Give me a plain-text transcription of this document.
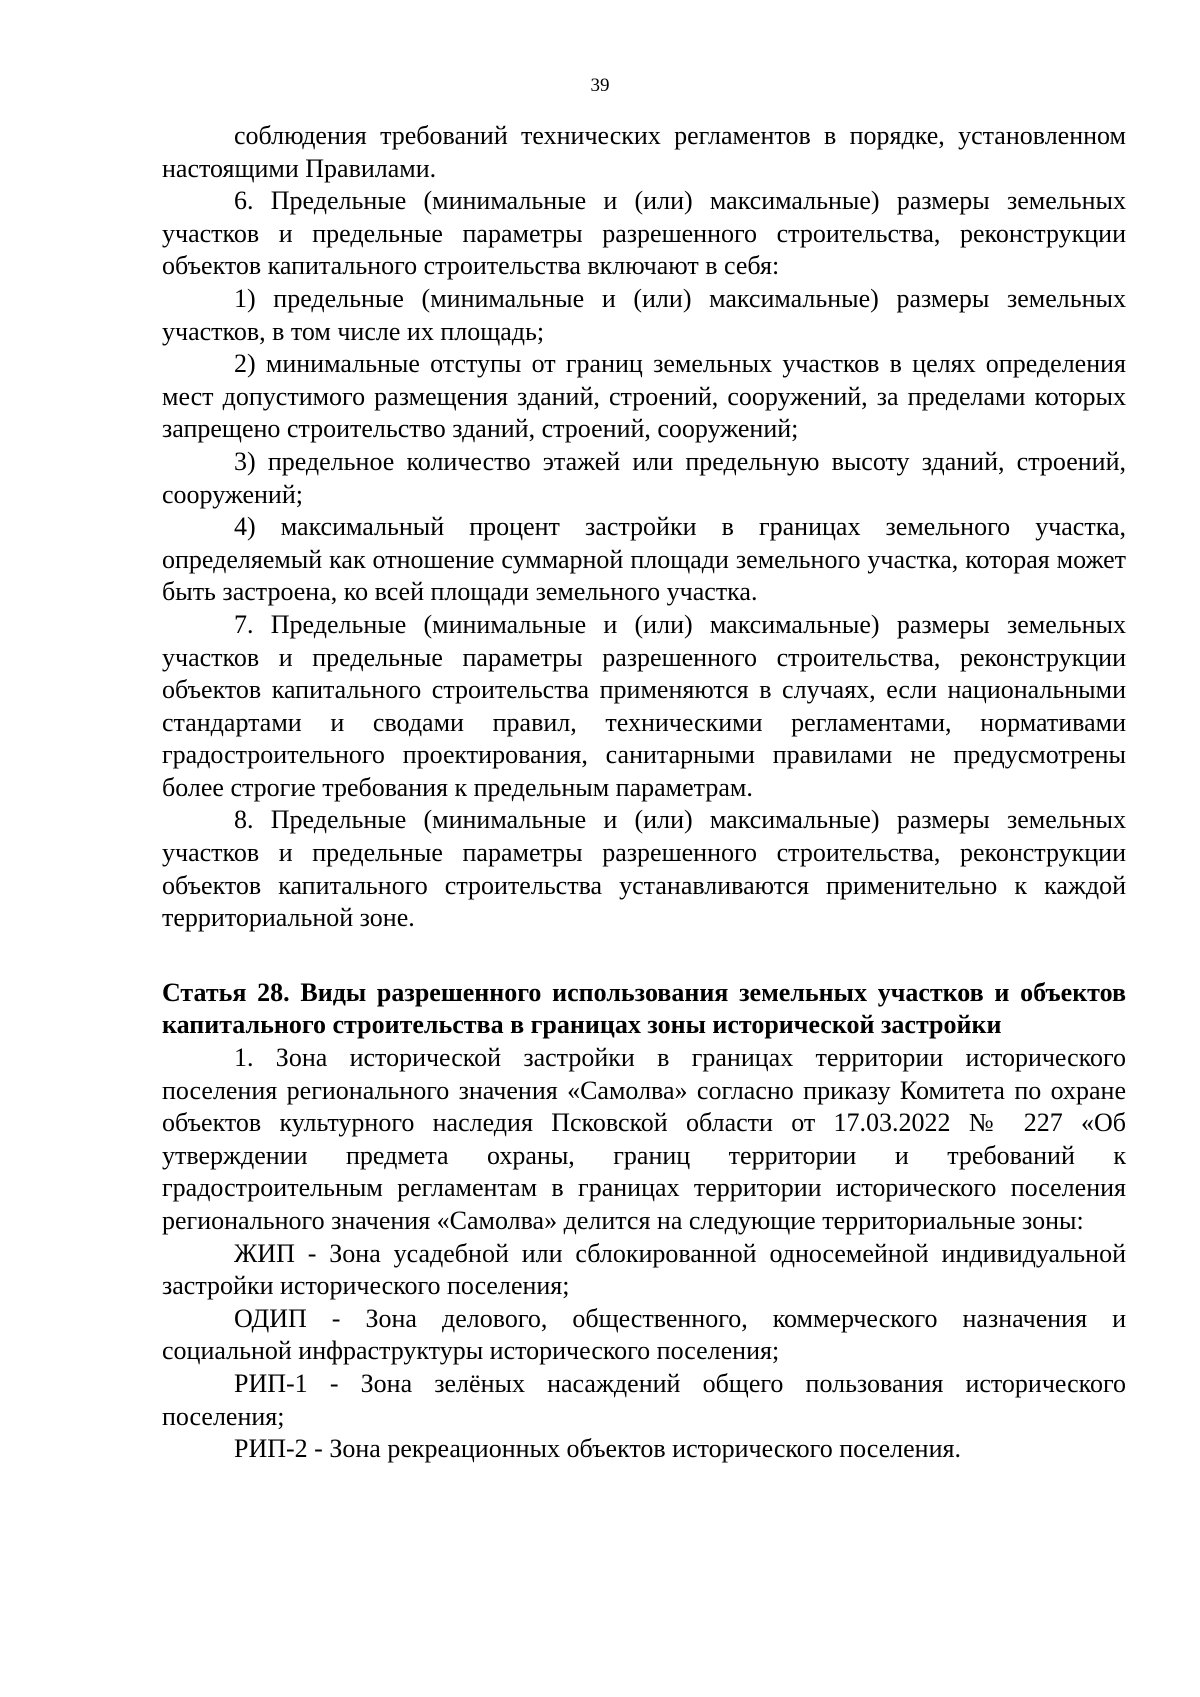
39

соблюдения требований технических регламентов в порядке, установленном настоящими Правилами.

6. Предельные (минимальные и (или) максимальные) размеры земельных участков и предельные параметры разрешенного строительства, реконструкции объектов капитального строительства включают в себя:

1) предельные (минимальные и (или) максимальные) размеры земельных участков, в том числе их площадь;

2) минимальные отступы от границ земельных участков в целях определения мест допустимого размещения зданий, строений, сооружений, за пределами которых запрещено строительство зданий, строений, сооружений;

3) предельное количество этажей или предельную высоту зданий, строений, сооружений;

4) максимальный процент застройки в границах земельного участка, определяемый как отношение суммарной площади земельного участка, которая может быть застроена, ко всей площади земельного участка.

7. Предельные (минимальные и (или) максимальные) размеры земельных участков и предельные параметры разрешенного строительства, реконструкции объектов капитального строительства применяются в случаях, если национальными стандартами и сводами правил, техническими регламентами, нормативами градостроительного проектирования, санитарными правилами не предусмотрены более строгие требования к предельным параметрам.

8. Предельные (минимальные и (или) максимальные) размеры земельных участков и предельные параметры разрешенного строительства, реконструкции объектов капитального строительства устанавливаются применительно к каждой территориальной зоне.

Статья 28. Виды разрешенного использования земельных участков и объектов капитального строительства в границах зоны исторической застройки

1. Зона исторической застройки в границах территории исторического поселения регионального значения «Самолва» согласно приказу Комитета по охране объектов культурного наследия Псковской области от 17.03.2022 № 227 «Об утверждении предмета охраны, границ территории и требований к градостроительным регламентам в границах территории исторического поселения регионального значения «Самолва» делится на следующие территориальные зоны:

ЖИП - Зона усадебной или сблокированной односемейной индивидуальной застройки исторического поселения;

ОДИП - Зона делового, общественного, коммерческого назначения и социальной инфраструктуры исторического поселения;

РИП-1 - Зона зелёных насаждений общего пользования исторического поселения;

РИП-2 - Зона рекреационных объектов исторического поселения.
